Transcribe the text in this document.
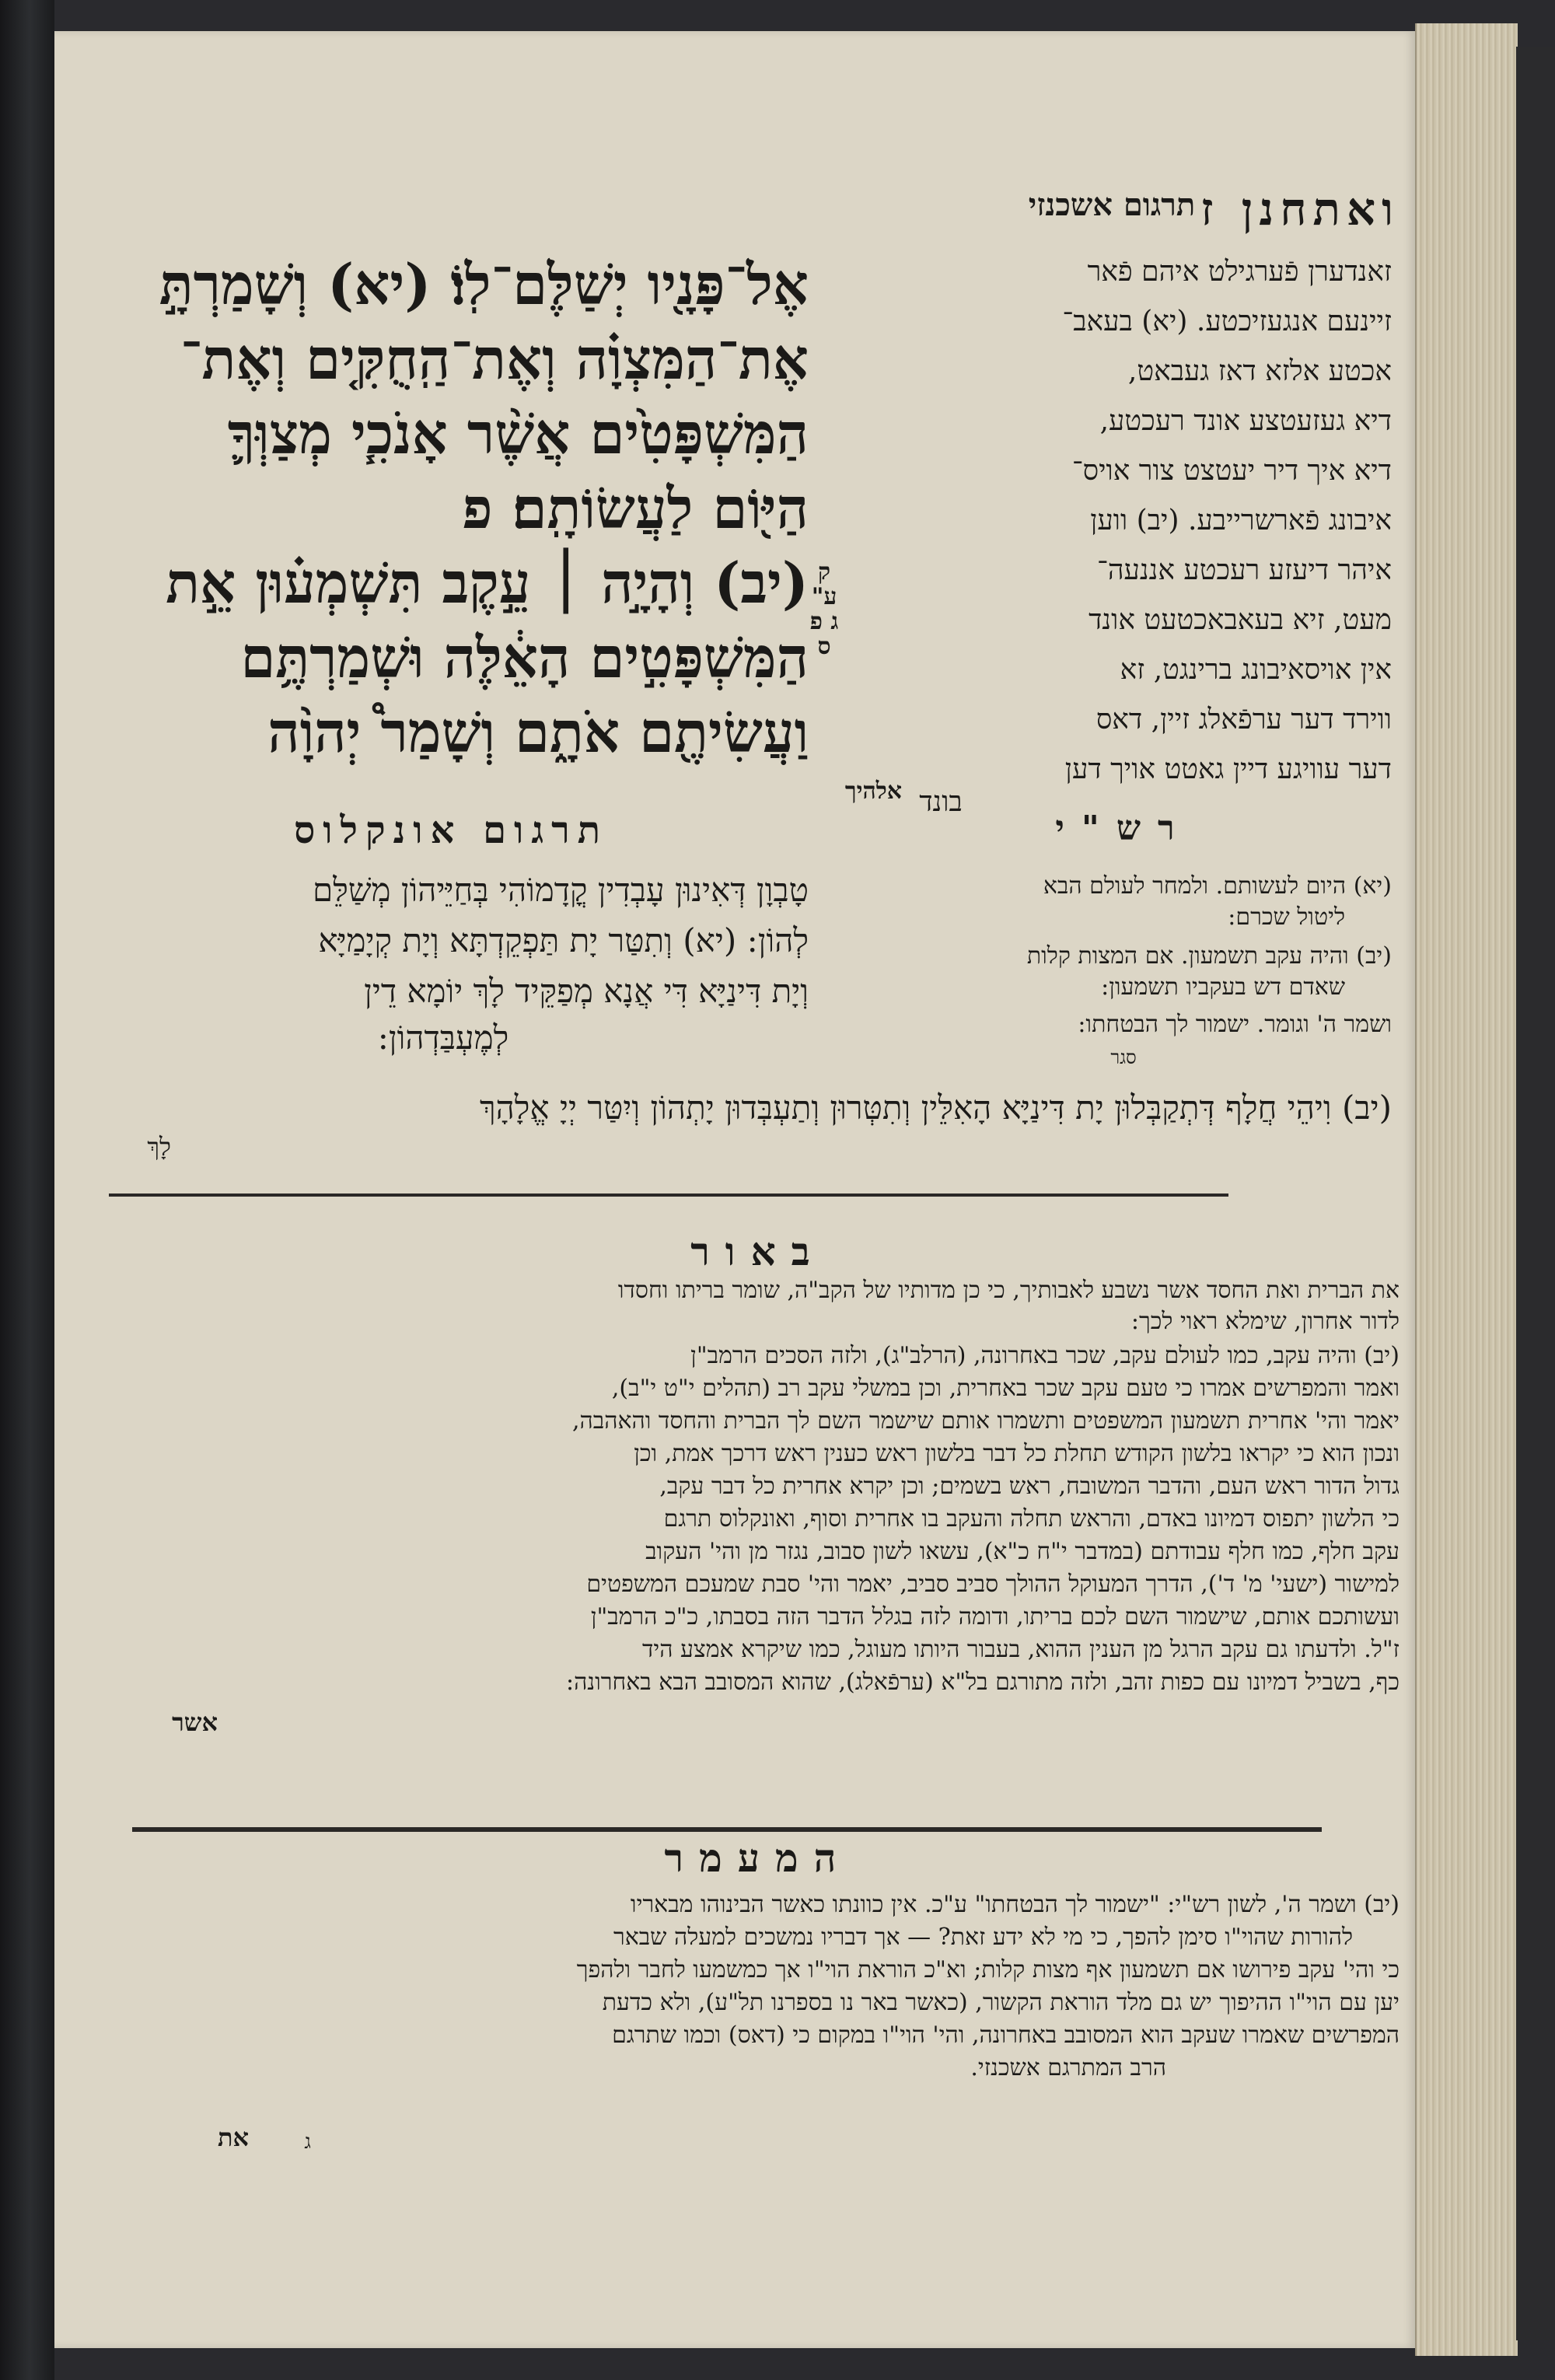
ואתחנן ז
תרגום אשכנזי
אֶל־פָּנָ֖יו יְשַׁלֶּם־לֽוֹ׃ (יא) וְשָׁמַרְתָּ֣
אֶת־הַמִּצְוָ֗ה וְאֶת־הַֽחֻקִּ֤ים וְאֶת־
הַמִּשְׁפָּטִ֙ים אֲשֶׁ֨ר אָנֹכִ֧י מְצַוְּךָ֛
הַיּ֖וֹם לַעֲשׂוֹתָֽם׃ פ
(יב) וְהָיָ֣ה ׀ עֵ֣קֶב תִּשְׁמְע֗וּן אֵ֣ת
הַמִּשְׁפָּטִ֣ים הָאֵ֔לֶּה וּשְׁמַרְתֶּ֥ם
וַעֲשִׂיתֶ֖ם אֹתָ֑ם וְשָׁמַר֩ יְהוָ֨ה
ק ע" ג פ ס
זאנדערן פֿערגילט איהם פֿאר
זיינעם אנגעזיכטע. (יא) בעאב־
אכטע אלזא דאז געבאט,
דיא געזעטצע אונד רעכטע,
דיא איך דיר יעטצט צור אויס־
איבונג פֿארשרייבע. (יב) ווען
איהר דיעזע רעכטע אננעה־
מעט, זיא בעאבאכטעט אונד
אין אויסאיבונג ברינגט, זא
ווירד דער ערפֿאלג זיין, דאס
דער עוויגע דיין גאטט אויך דען
בונד
אלהיך
רש"י
(יא) היום לעשותם. ולמחר לעולם הבא
ליטול שכרם:
(יב) והיה עקב תשמעון. אם המצות קלות
שאדם דש בעקביו תשמעון:
ושמר ה' וגומר. ישמור לך הבטחתו:
סגר
תרגום אונקלוס
טָבְוָן דְּאִינוּן עָבְדִין קֳדָמוֹהִי בְּחַיֵּיהוֹן מְשַׁלֵּם
לְהוֹן: (יא) וְתִטַּר יָת תַּפְקֵדְתָּא וְיָת קְיָמַיָּא
וְיָת דִּינַיָּא דִּי אֲנָא מְפַקֵּיד לָךְ יוֹמָא דֵין
לְמֶעְבַּדְהוֹן:
(יב) וִיהֵי חֲלָף דְּתְקַבְּלוּן יָת דִּינַיָּא הָאִלֵּין וְתִטְּרוּן וְתַעְבְּדוּן יָתְהוֹן וְיִטַּר יְיָ אֱלָהָךְ
לָךְ
באור
את הברית ואת החסד אשר נשבע לאבותיך, כי כן מדותיו של הקב"ה, שומר בריתו וחסדו
לדור אחרון, שימלא ראוי לכך:
(יב) והיה עקב, כמו לעולם עקב, שכר באחרונה, (הרלב"ג), ולזה הסכים הרמב"ן
ואמר והמפרשים אמרו כי טעם עקב שכר באחרית, וכן במשלי עקב רב (תהלים י"ט י"ב),
יאמר והי' אחרית תשמעון המשפטים ותשמרו אותם שישמר השם לך הברית והחסד והאהבה,
ונכון הוא כי יקראו בלשון הקודש תחלת כל דבר בלשון ראש כענין ראש דרכך אמת, וכן
גדול הדור ראש העם, והדבר המשובח, ראש בשמים; וכן יקרא אחרית כל דבר עקב,
כי הלשון יתפוס דמיונו באדם, והראש תחלה והעקב בו אחרית וסוף, ואונקלוס תרגם
עקב חלף, כמו חלף עבודתם (במדבר י"ח כ"א), עשאו לשון סבוב, נגזר מן והי' העקוב
למישור (ישעי' מ' ד'), הדרך המעוקל ההולך סביב סביב, יאמר והי' סבת שמעכם המשפטים
ועשותכם אותם, שישמור השם לכם בריתו, ודומה לזה בגלל הדבר הזה בסבתו, כ"כ הרמב"ן
ז"ל. ולדעתו גם עקב הרגל מן הענין ההוא, בעבור היותו מעוגל, כמו שיקרא אמצע היד
כף, בשביל דמיונו עם כפות זהב, ולזה מתורגם בל"א (ערפֿאלג), שהוא המסובב הבא באחרונה:
אשר
המעמר
(יב) ושמר ה', לשון רש"י: "ישמור לך הבטחתו" ע"כ. אין כוונתו כאשר הבינוהו מבאריו
להורות שהוי"ו סימן להפך, כי מי לא ידע זאת? — אך דבריו נמשכים למעלה שבאר
כי והי' עקב פירושו אם תשמעון אף מצות קלות; וא"כ הוראת הוי"ו אך כמשמעו לחבר ולהפך
יען עם הוי"ו ההיפוך יש גם מלד הוראת הקשור, (כאשר באר נו בספרנו תל"ע), ולא כדעת
המפרשים שאמרו שעקב הוא המסובב באחרונה, והי' הוי"ו במקום כי (דאס) וכמו שתרגם
הרב המתרגם אשכנזי.
ג
את
